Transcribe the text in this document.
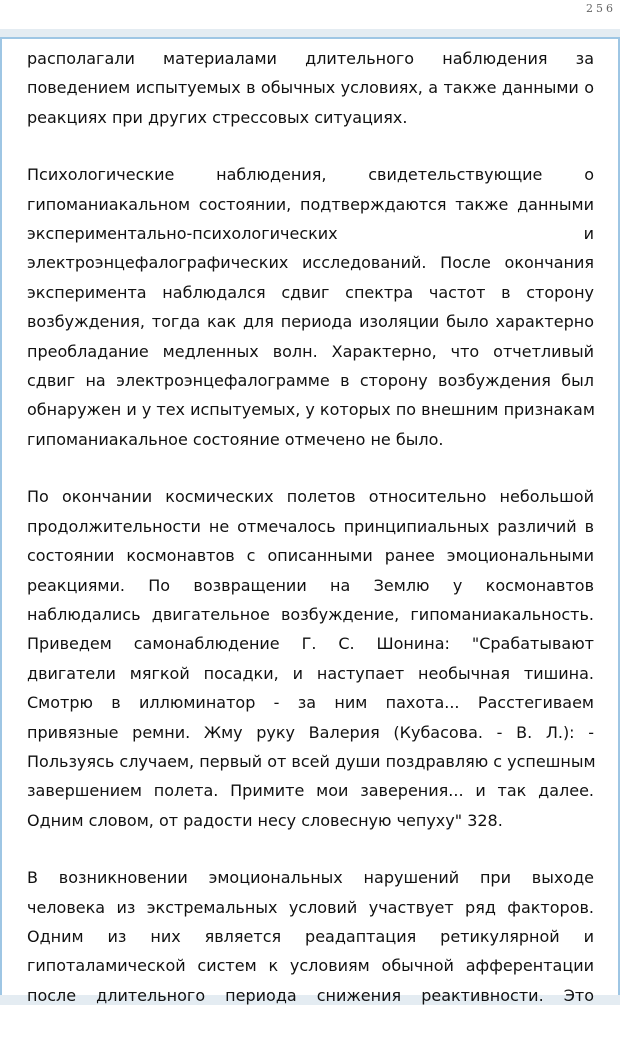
256

располагали материалами длительного наблюдения за
поведением испытуемых в обычных условиях, а также данными о
реакциях при других стрессовых ситуациях.

Психологические наблюдения, свидетельствующие о
гипоманиакальном состоянии, подтверждаются также данными
экспериментально-психологических и
электроэнцефалографических исследований. После окончания
эксперимента наблюдался сдвиг спектра частот в сторону
возбуждения, тогда как для периода изоляции было характерно
преобладание медленных волн. Характерно, что отчетливый
сдвиг на электроэнцефалограмме в сторону возбуждения был
обнаружен и у тех испытуемых, у которых по внешним признакам
гипоманиакальное состояние отмечено не было.

По окончании космических полетов относительно небольшой
продолжительности не отмечалось принципиальных различий в
состоянии космонавтов с описанными ранее эмоциональными
реакциями. По возвращении на Землю у космонавтов
наблюдались двигательное возбуждение, гипоманиакальность.
Приведем самонаблюдение Г. С. Шонина: "Срабатывают
двигатели мягкой посадки, и наступает необычная тишина.
Смотрю в иллюминатор - за ним пахота... Расстегиваем
привязные ремни. Жму руку Валерия (Кубасова. - В. Л.): -
Пользуясь случаем, первый от всей души поздравляю с успешным
завершением полета. Примите мои заверения... и так далее.
Одним словом, от радости несу словесную чепуху" 328.

В возникновении эмоциональных нарушений при выходе
человека из экстремальных условий участвует ряд факторов.
Одним из них является реадаптация ретикулярной и
гипоталамической систем к условиям обычной афферентации
после длительного периода снижения реактивности. Это
